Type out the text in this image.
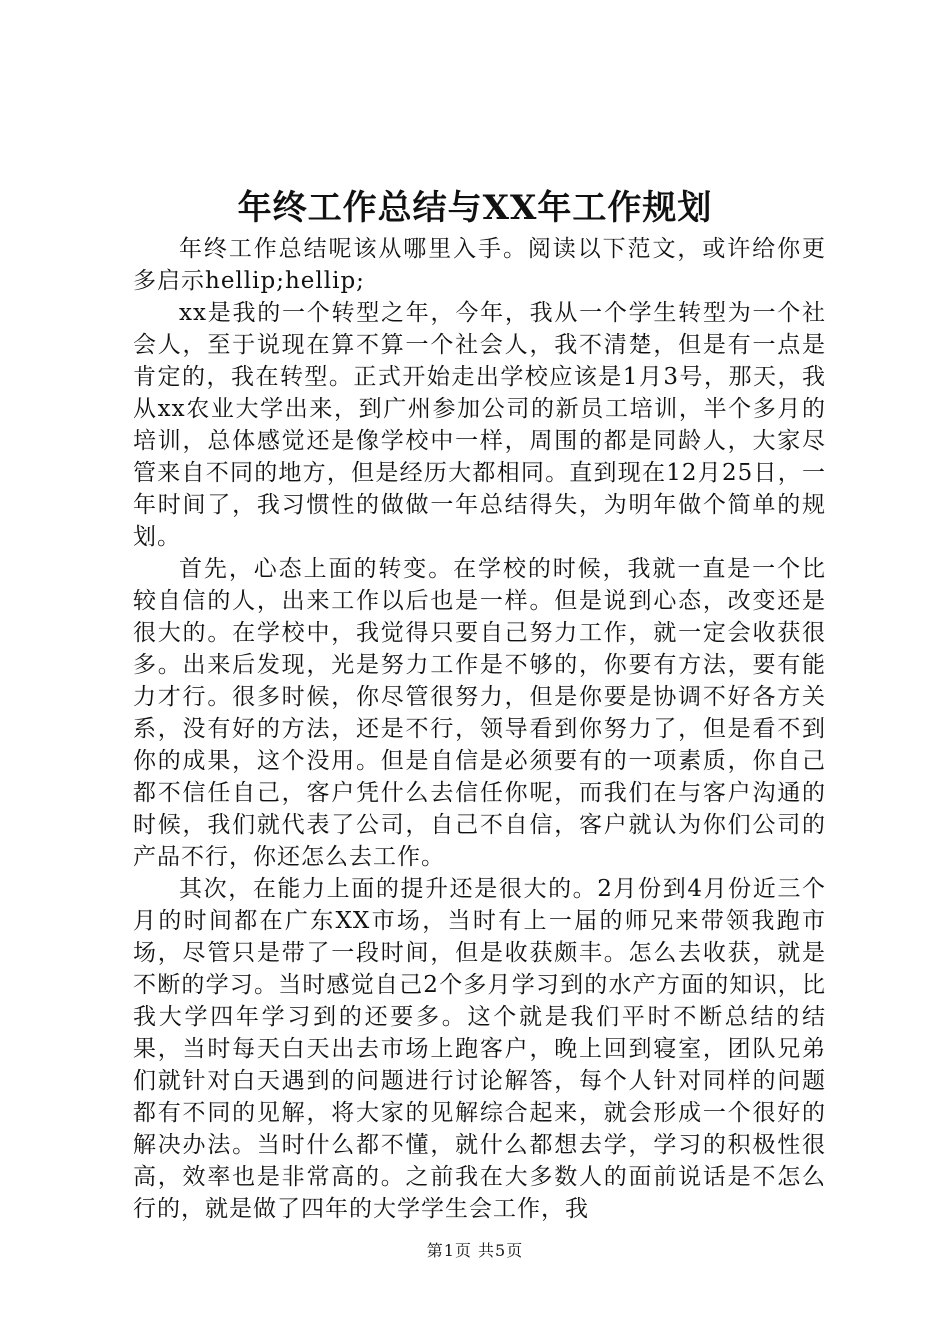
年终工作总结与XX年工作规划

年终工作总结呢该从哪里入手。阅读以下范文，或许给你更多启示hellip;hellip;

xx是我的一个转型之年，今年，我从一个学生转型为一个社会人，至于说现在算不算一个社会人，我不清楚，但是有一点是肯定的，我在转型。正式开始走出学校应该是1月3号，那天，我从xx农业大学出来，到广州参加公司的新员工培训，半个多月的培训，总体感觉还是像学校中一样，周围的都是同龄人，大家尽管来自不同的地方，但是经历大都相同。直到现在12月25日，一年时间了，我习惯性的做做一年总结得失，为明年做个简单的规划。

首先，心态上面的转变。在学校的时候，我就一直是一个比较自信的人，出来工作以后也是一样。但是说到心态，改变还是很大的。在学校中，我觉得只要自己努力工作，就一定会收获很多。出来后发现，光是努力工作是不够的，你要有方法，要有能力才行。很多时候，你尽管很努力，但是你要是协调不好各方关系，没有好的方法，还是不行，领导看到你努力了，但是看不到你的成果，这个没用。但是自信是必须要有的一项素质，你自己都不信任自己，客户凭什么去信任你呢，而我们在与客户沟通的时候，我们就代表了公司，自己不自信，客户就认为你们公司的产品不行，你还怎么去工作。

其次，在能力上面的提升还是很大的。2月份到4月份近三个月的时间都在广东XX市场，当时有上一届的师兄来带领我跑市场，尽管只是带了一段时间，但是收获颇丰。怎么去收获，就是不断的学习。当时感觉自己2个多月学习到的水产方面的知识，比我大学四年学习到的还要多。这个就是我们平时不断总结的结果，当时每天白天出去市场上跑客户，晚上回到寝室，团队兄弟们就针对白天遇到的问题进行讨论解答，每个人针对同样的问题都有不同的见解，将大家的见解综合起来，就会形成一个很好的解决办法。当时什么都不懂，就什么都想去学，学习的积极性很高，效率也是非常高的。之前我在大多数人的面前说话是不怎么行的，就是做了四年的大学学生会工作，我

第1页 共5页
